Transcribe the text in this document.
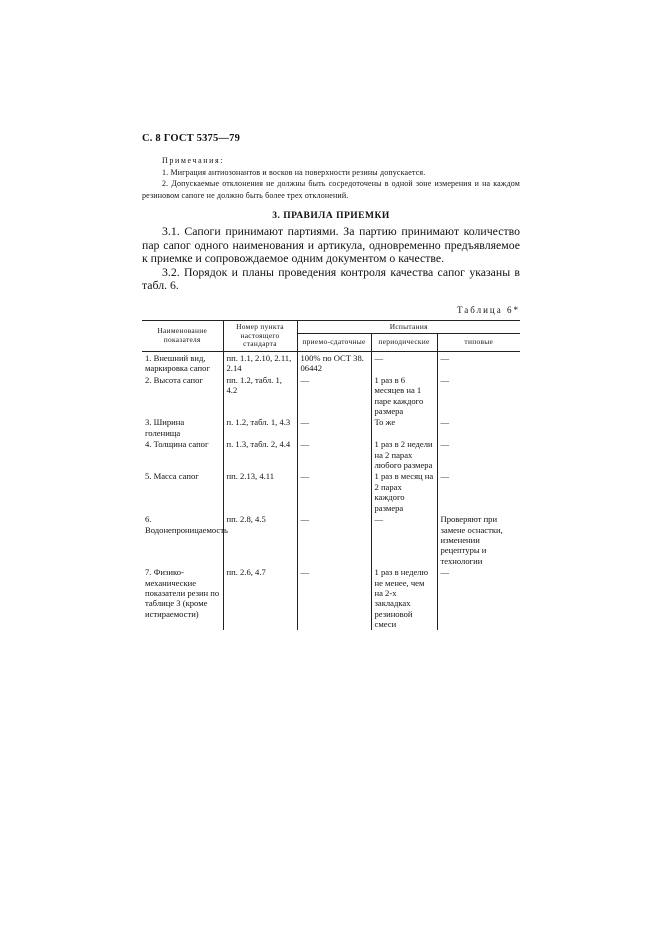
С. 8 ГОСТ 5375—79
Примечания:
1. Миграция антиозонантов и восков на поверхности резины допускается.
2. Допускаемые отклонения не должны быть сосредоточены в одной зоне измерения и на каждом резиновом сапоге не должно быть более трех отклонений.
3. ПРАВИЛА ПРИЕМКИ

3.1. Сапоги принимают партиями. За партию принимают количество пар сапог одного наименования и артикула, одновременно предъявляемое к приемке и сопровождаемое одним документом о качестве.

3.2. Порядок и планы проведения контроля качества сапог указаны в табл. 6.

Таблица 6*
Наименование показателя	Номер пункта настоящего стандарта	Испытания		
		приемо-сдаточные	периодические	типовые
1. Внешний вид, маркировка сапог	пп. 1.1, 2.10, 2.11, 2.14	100% по ОСТ 38. 06442	—	—
2. Высота сапог	пп. 1.2, табл. 1, 4.2	—	1 раз в 6 месяцев на 1 паре каждого размера	—
3. Ширина голенища	п. 1.2, табл. 1, 4.3	—	То же	—
4. Толщина сапог	п. 1.3, табл. 2, 4.4	—	1 раз в 2 недели на 2 парах любого размера	—
5. Масса сапог	пп. 2.13, 4.11	—	1 раз в месяц на 2 парах каждого размера	—
6. Водонепроницаемость	пп. 2.8, 4.5	—	—	Проверяют при замене оснастки, изменении рецептуры и технологии
7. Физико-механические показатели резин по таблице 3 (кроме истираемости)	пп. 2.6, 4.7	—	1 раз в неделю не менее, чем на 2-х закладках резиновой смеси	—
